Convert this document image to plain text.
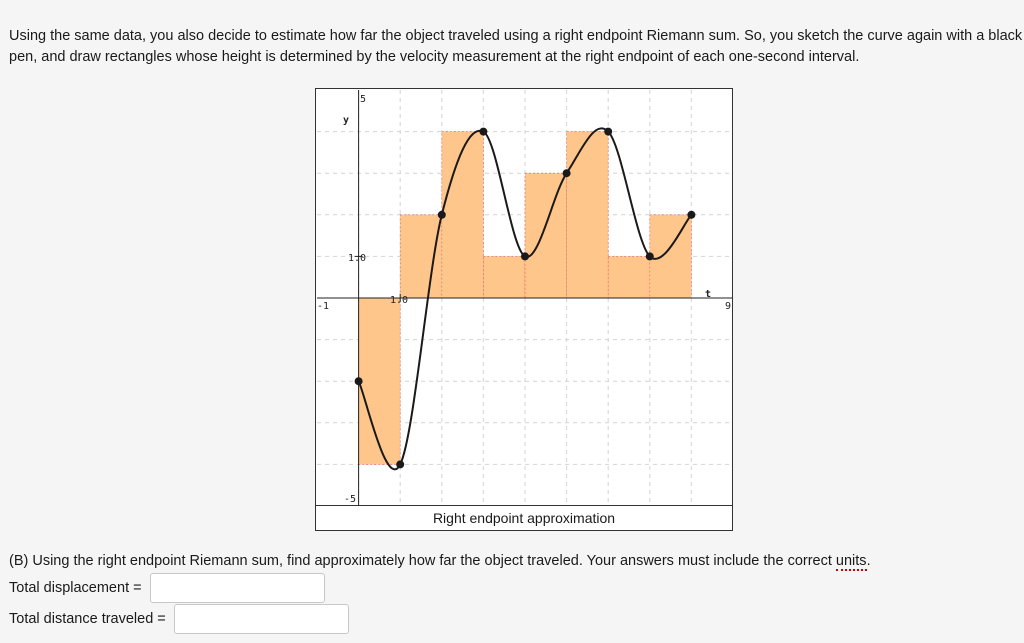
Using the same data, you also decide to estimate how far the object traveled using a right endpoint Riemann sum. So, you sketch the curve again with a black pen, and draw rectangles whose height is determined by the velocity measurement at the right endpoint of each one-second interval.

y
t
5
-5
-1	9
1.0
1.0
Right endpoint approximation

(B) Using the right endpoint Riemann sum, find approximately how far the object traveled. Your answers must include the correct units.

Total displacement =
Total distance traveled =
